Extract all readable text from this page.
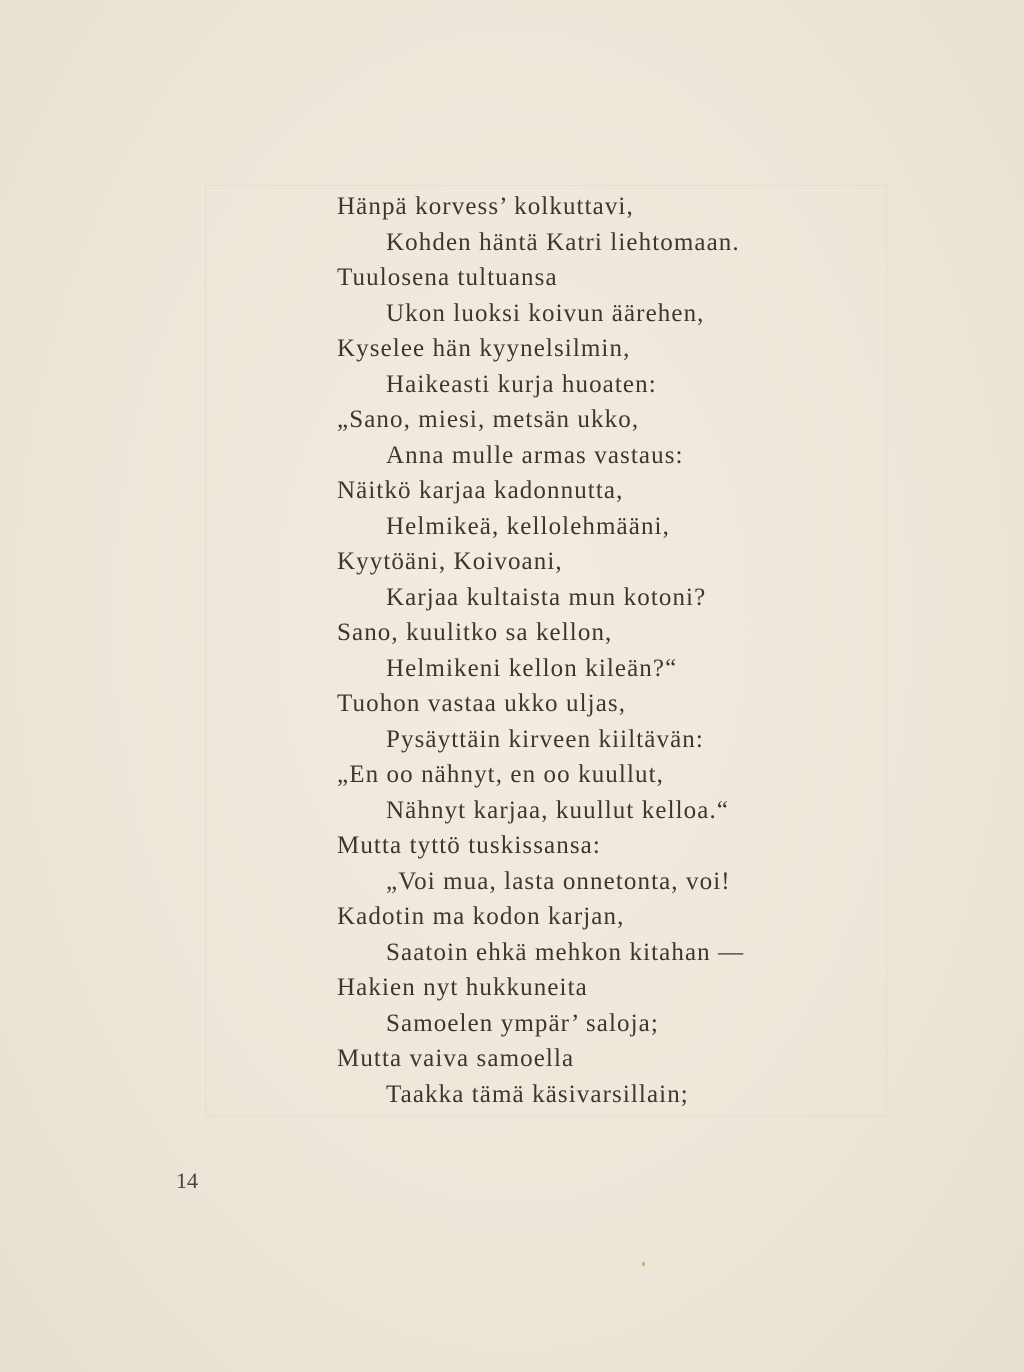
Hänpä korvess’ kolkuttavi,
Kohden häntä Katri liehtomaan.
Tuulosena tultuansa
Ukon luoksi koivun äärehen,
Kyselee hän kyynelsilmin,
Haikeasti kurja huoaten:
„Sano, miesi, metsän ukko,
Anna mulle armas vastaus:
Näitkö karjaa kadonnutta,
Helmikeä, kellolehmääni,
Kyytöäni, Koivoani,
Karjaa kultaista mun kotoni?
Sano, kuulitko sa kellon,
Helmikeni kellon kileän?“
Tuohon vastaa ukko uljas,
Pysäyttäin kirveen kiiltävän:
„En oo nähnyt, en oo kuullut,
Nähnyt karjaa, kuullut kelloa.“
Mutta tyttö tuskissansa:
„Voi mua, lasta onnetonta, voi!
Kadotin ma kodon karjan,
Saatoin ehkä mehkon kitahan —
Hakien nyt hukkuneita
Samoelen ympär’ saloja;
Mutta vaiva samoella
Taakka tämä käsivarsillain;
14
